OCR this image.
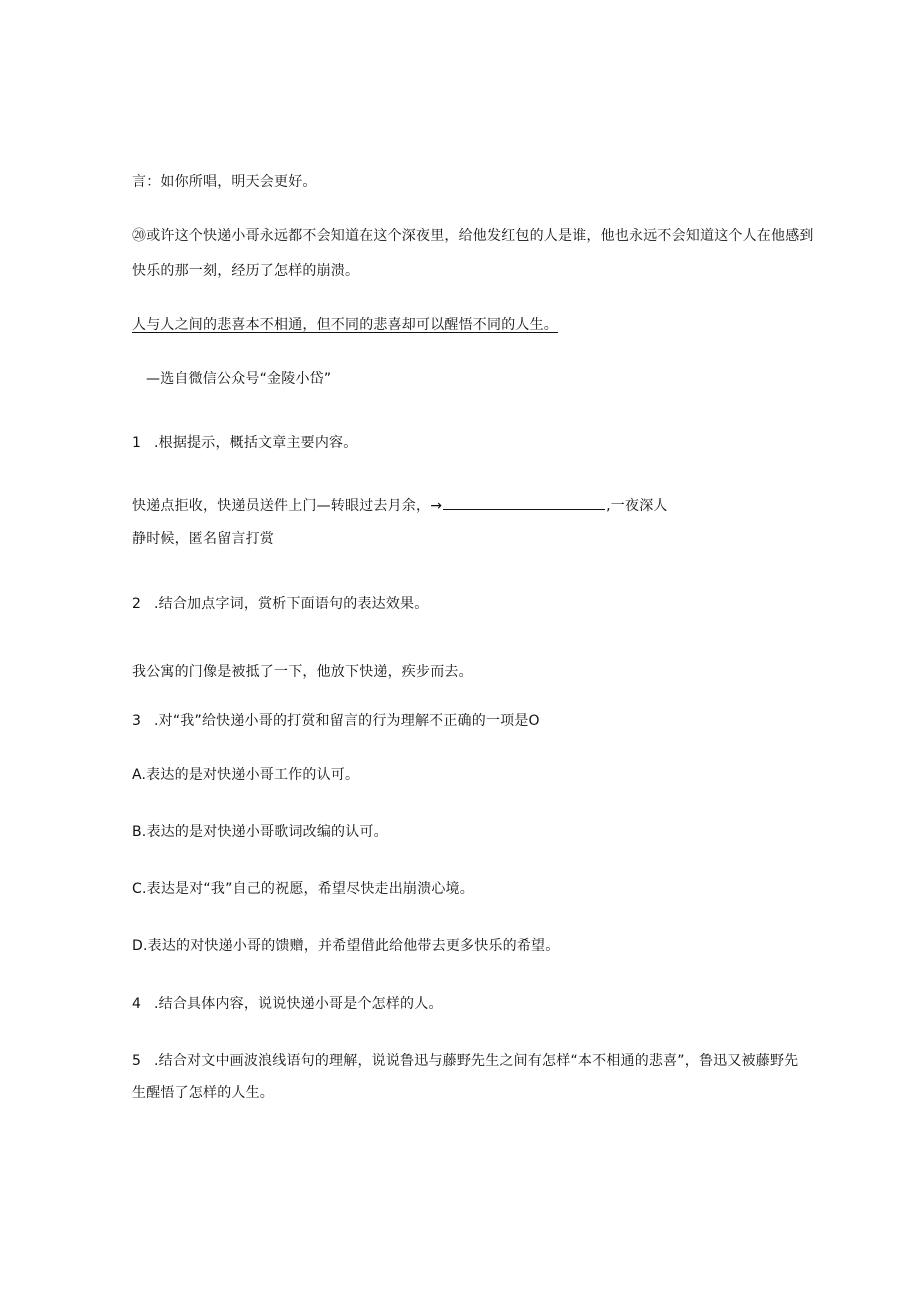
言：如你所唱，明天会更好。
⑳或许这个快递小哥永远都不会知道在这个深夜里，给他发红包的人是谁，他也永远不会知道这个人在他感到
快乐的那一刻，经历了怎样的崩溃。
人与人之间的悲喜本不相通，但不同的悲喜却可以醒悟不同的人生。
—选自微信公众号“金陵小岱”
1 .根据提示，概括文章主要内容。
快递点拒收，快递员送件上门—转眼过去月余，→	,一夜深人
静时候，匿名留言打赏
2 .结合加点字词，赏析下面语句的表达效果。
我公寓的门像是被抵了一下，他放下快递，疾步而去。
3 .对“我”给快递小哥的打赏和留言的行为理解不正确的一项是O
A.表达的是对快递小哥工作的认可。
B.表达的是对快递小哥歌词改编的认可。
C.表达是对“我”自己的祝愿，希望尽快走出崩溃心境。
D.表达的对快递小哥的馈赠，并希望借此给他带去更多快乐的希望。
4 .结合具体内容，说说快递小哥是个怎样的人。
5 .结合对文中画波浪线语句的理解，说说鲁迅与藤野先生之间有怎样“本不相通的悲喜”，鲁迅又被藤野先
生醒悟了怎样的人生。
